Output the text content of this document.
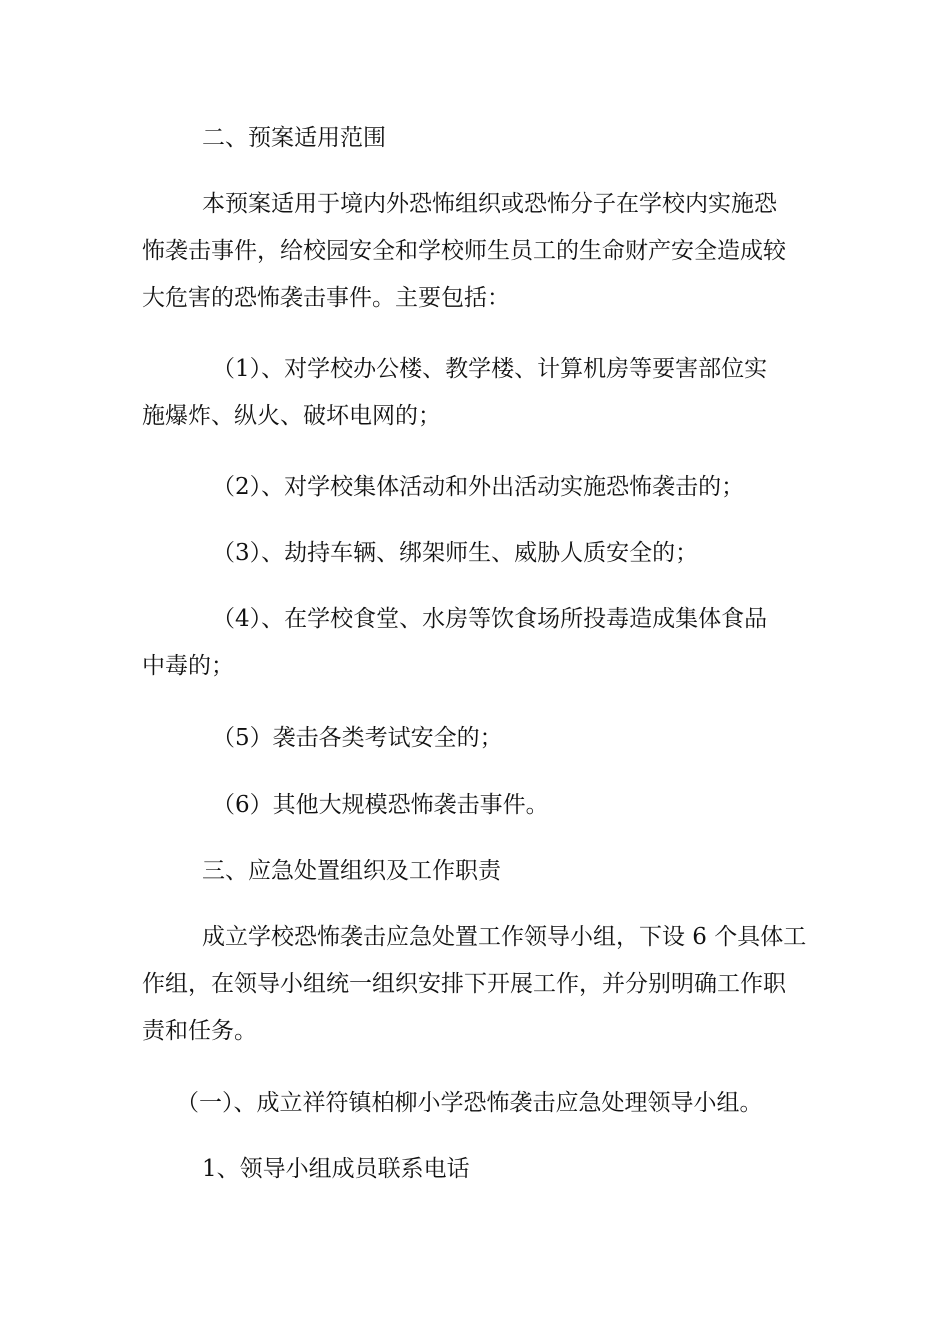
二、预案适用范围

本预案适用于境内外恐怖组织或恐怖分子在学校内实施恐
怖袭击事件，给校园安全和学校师生员工的生命财产安全造成较
大危害的恐怖袭击事件。主要包括：

（1）、对学校办公楼、教学楼、计算机房等要害部位实
施爆炸、纵火、破坏电网的；

（2）、对学校集体活动和外出活动实施恐怖袭击的；

（3）、劫持车辆、绑架师生、威胁人质安全的；

（4）、在学校食堂、水房等饮食场所投毒造成集体食品
中毒的；

（5）袭击各类考试安全的；

（6）其他大规模恐怖袭击事件。

三、应急处置组织及工作职责

成立学校恐怖袭击应急处置工作领导小组，下设 6 个具体工
作组，在领导小组统一组织安排下开展工作，并分别明确工作职
责和任务。

（一）、成立祥符镇柏柳小学恐怖袭击应急处理领导小组。

1、领导小组成员联系电话
